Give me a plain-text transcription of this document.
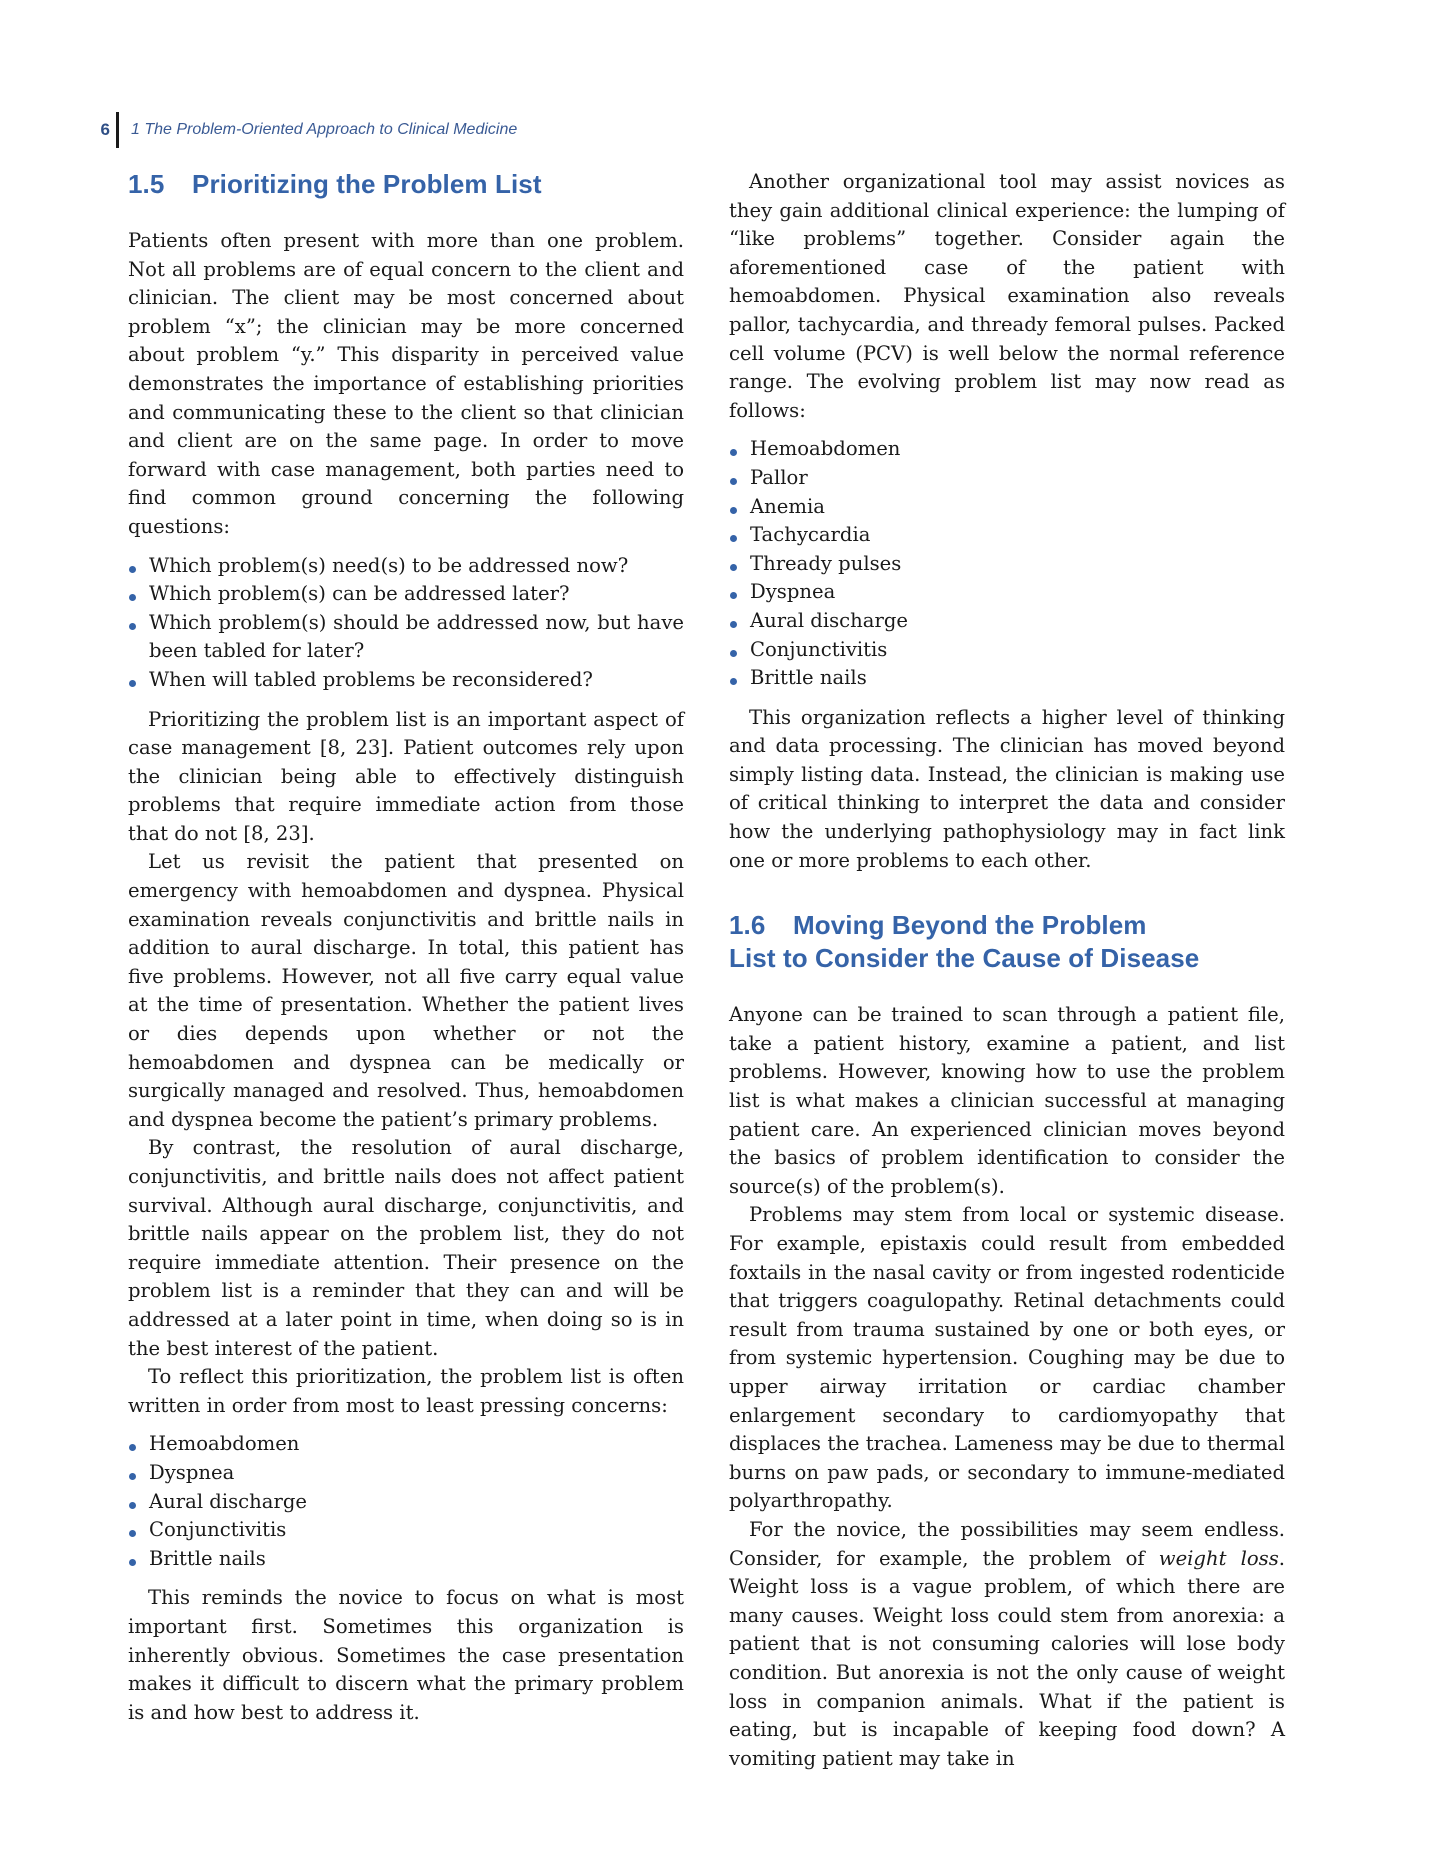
6 1 The Problem-Oriented Approach to Clinical Medicine
1.5 Prioritizing the Problem List

Patients often present with more than one problem. Not all problems are of equal concern to the client and clinician. The client may be most concerned about problem “x”; the clinician may be more concerned about problem “y.” This disparity in perceived value demonstrates the importance of establishing priorities and communicating these to the client so that clinician and client are on the same page. In order to move forward with case management, both parties need to find common ground concerning the following questions:

Which problem(s) need(s) to be addressed now?
Which problem(s) can be addressed later?
Which problem(s) should be addressed now, but have been tabled for later?
When will tabled problems be reconsidered?

Prioritizing the problem list is an important aspect of case management [8, 23]. Patient outcomes rely upon the clinician being able to effectively distinguish problems that require immediate action from those that do not [8, 23].

Let us revisit the patient that presented on emergency with hemoabdomen and dyspnea. Physical examination reveals conjunctivitis and brittle nails in addition to aural discharge. In total, this patient has five problems. However, not all five carry equal value at the time of presentation. Whether the patient lives or dies depends upon whether or not the hemoabdomen and dyspnea can be medically or surgically managed and resolved. Thus, hemoabdomen and dyspnea become the patient’s primary problems.

By contrast, the resolution of aural discharge, conjunctivitis, and brittle nails does not affect patient survival. Although aural discharge, conjunctivitis, and brittle nails appear on the problem list, they do not require immediate attention. Their presence on the problem list is a reminder that they can and will be addressed at a later point in time, when doing so is in the best interest of the patient.

To reflect this prioritization, the problem list is often written in order from most to least pressing concerns:

Hemoabdomen
Dyspnea
Aural discharge
Conjunctivitis
Brittle nails

This reminds the novice to focus on what is most important first. Sometimes this organization is inherently obvious. Sometimes the case presentation makes it difficult to discern what the primary problem is and how best to address it.

Another organizational tool may assist novices as they gain additional clinical experience: the lumping of “like problems” together. Consider again the aforementioned case of the patient with hemoabdomen. Physical examination also reveals pallor, tachycardia, and thready femoral pulses. Packed cell volume (PCV) is well below the normal reference range. The evolving problem list may now read as follows:

Hemoabdomen
Pallor
Anemia
Tachycardia
Thready pulses
Dyspnea
Aural discharge
Conjunctivitis
Brittle nails

This organization reflects a higher level of thinking and data processing. The clinician has moved beyond simply listing data. Instead, the clinician is making use of critical thinking to interpret the data and consider how the underlying pathophysiology may in fact link one or more problems to each other.

1.6 Moving Beyond the Problem
List to Consider the Cause of Disease

Anyone can be trained to scan through a patient file, take a patient history, examine a patient, and list problems. However, knowing how to use the problem list is what makes a clinician successful at managing patient care. An experienced clinician moves beyond the basics of problem identification to consider the source(s) of the problem(s).

Problems may stem from local or systemic disease. For example, epistaxis could result from embedded foxtails in the nasal cavity or from ingested rodenticide that triggers coagulopathy. Retinal detachments could result from trauma sustained by one or both eyes, or from systemic hypertension. Coughing may be due to upper airway irritation or cardiac chamber enlargement secondary to cardiomyopathy that displaces the trachea. Lameness may be due to thermal burns on paw pads, or secondary to immune-mediated polyarthropathy.

For the novice, the possibilities may seem endless. Consider, for example, the problem of weight loss. Weight loss is a vague problem, of which there are many causes. Weight loss could stem from anorexia: a patient that is not consuming calories will lose body condition. But anorexia is not the only cause of weight loss in companion animals. What if the patient is eating, but is incapable of keeping food down? A vomiting patient may take in
